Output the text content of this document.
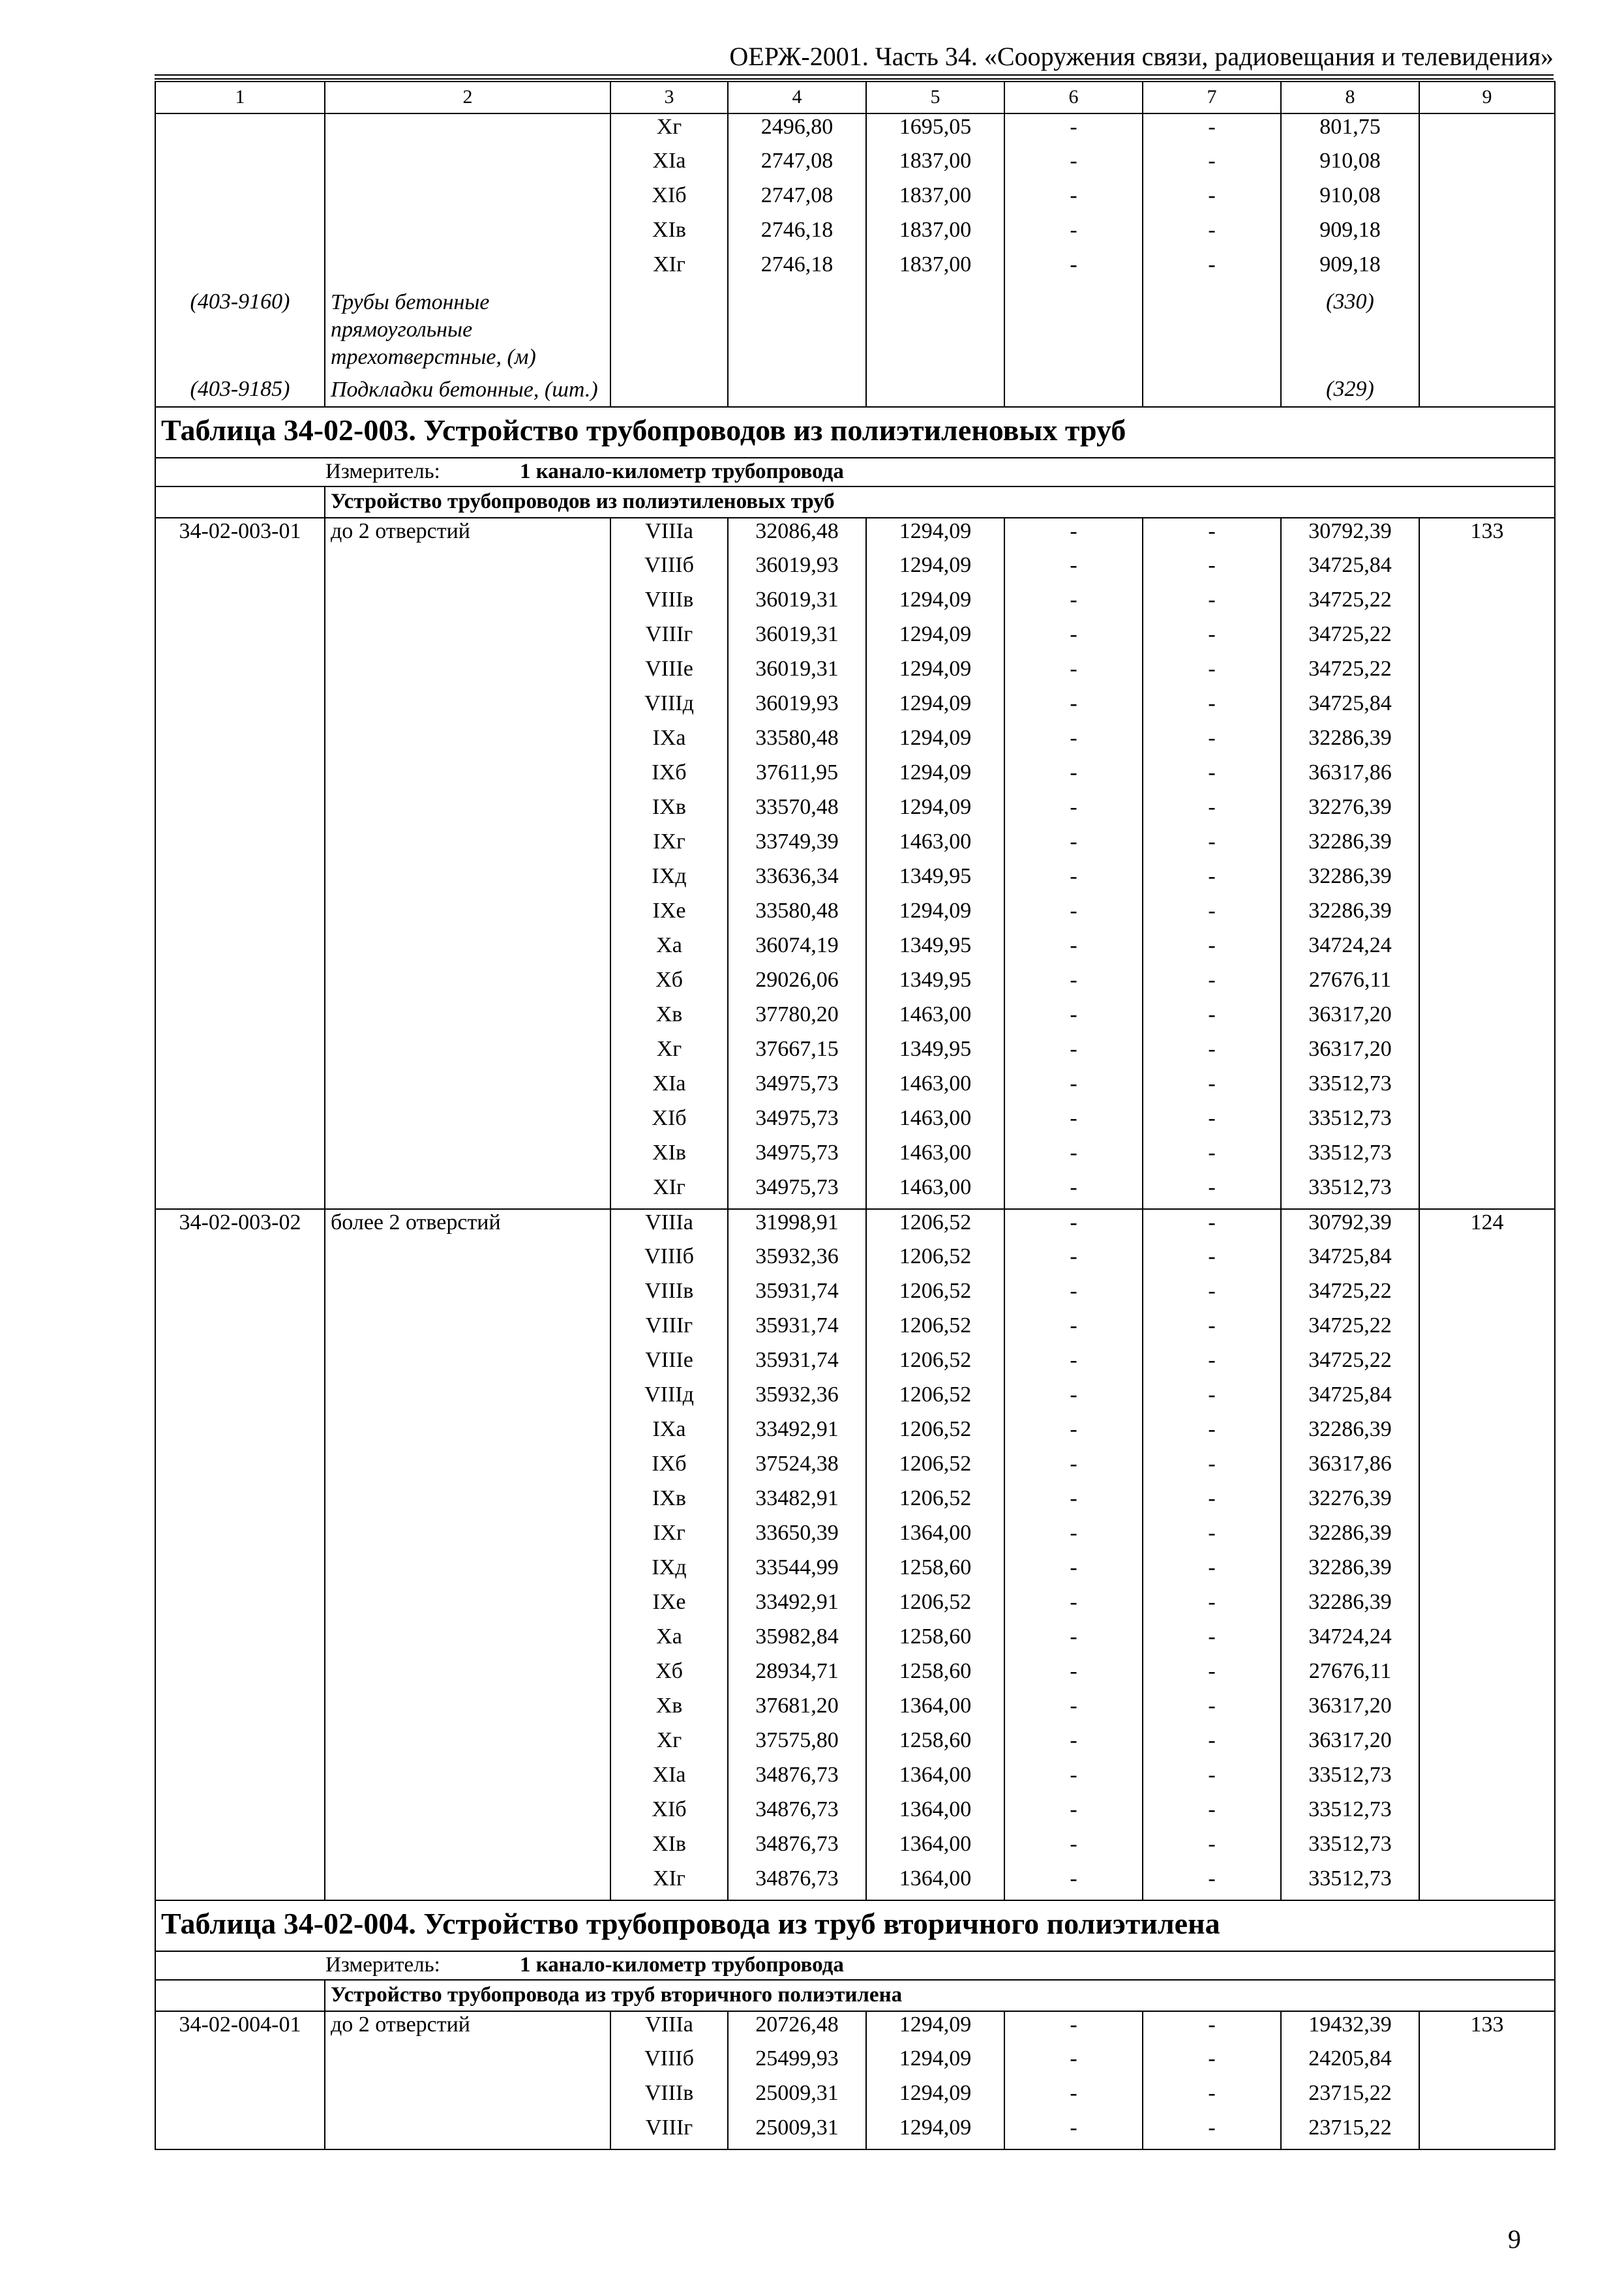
ОЕРЖ-2001. Часть 34. «Сооружения связи, радиовещания и телевидения»
1	2	3	4	5	6	7	8	9
		Xг	2496,80	1695,05	-	-	801,75	
		XIа	2747,08	1837,00	-	-	910,08	
		XIб	2747,08	1837,00	-	-	910,08	
		XIв	2746,18	1837,00	-	-	909,18	
		XIг	2746,18	1837,00	-	-	909,18	
(403-9160)	Трубы бетонные прямоугольные трехотверстные, (м)						(330)	
(403-9185)	Подкладки бетонные, (шт.)						(329)	
Таблица 34-02-003. Устройство трубопроводов из полиэтиленовых труб								
Измеритель: 1 канало-километр трубопровода								
	Устройство трубопроводов из полиэтиленовых труб							
34-02-003-01	до 2 отверстий	VIIIа	32086,48	1294,09	-	-	30792,39	133
		VIIIб	36019,93	1294,09	-	-	34725,84	
		VIIIв	36019,31	1294,09	-	-	34725,22	
		VIIIг	36019,31	1294,09	-	-	34725,22	
		VIIIе	36019,31	1294,09	-	-	34725,22	
		VIIIд	36019,93	1294,09	-	-	34725,84	
		IXа	33580,48	1294,09	-	-	32286,39	
		IXб	37611,95	1294,09	-	-	36317,86	
		IXв	33570,48	1294,09	-	-	32276,39	
		IXг	33749,39	1463,00	-	-	32286,39	
		IXд	33636,34	1349,95	-	-	32286,39	
		IXе	33580,48	1294,09	-	-	32286,39	
		Xа	36074,19	1349,95	-	-	34724,24	
		Xб	29026,06	1349,95	-	-	27676,11	
		Xв	37780,20	1463,00	-	-	36317,20	
		Xг	37667,15	1349,95	-	-	36317,20	
		XIа	34975,73	1463,00	-	-	33512,73	
		XIб	34975,73	1463,00	-	-	33512,73	
		XIв	34975,73	1463,00	-	-	33512,73	
		XIг	34975,73	1463,00	-	-	33512,73	
34-02-003-02	более 2 отверстий	VIIIа	31998,91	1206,52	-	-	30792,39	124
		VIIIб	35932,36	1206,52	-	-	34725,84	
		VIIIв	35931,74	1206,52	-	-	34725,22	
		VIIIг	35931,74	1206,52	-	-	34725,22	
		VIIIе	35931,74	1206,52	-	-	34725,22	
		VIIIд	35932,36	1206,52	-	-	34725,84	
		IXа	33492,91	1206,52	-	-	32286,39	
		IXб	37524,38	1206,52	-	-	36317,86	
		IXв	33482,91	1206,52	-	-	32276,39	
		IXг	33650,39	1364,00	-	-	32286,39	
		IXд	33544,99	1258,60	-	-	32286,39	
		IXе	33492,91	1206,52	-	-	32286,39	
		Xа	35982,84	1258,60	-	-	34724,24	
		Xб	28934,71	1258,60	-	-	27676,11	
		Xв	37681,20	1364,00	-	-	36317,20	
		Xг	37575,80	1258,60	-	-	36317,20	
		XIа	34876,73	1364,00	-	-	33512,73	
		XIб	34876,73	1364,00	-	-	33512,73	
		XIв	34876,73	1364,00	-	-	33512,73	
		XIг	34876,73	1364,00	-	-	33512,73	
Таблица 34-02-004. Устройство трубопровода из труб вторичного полиэтилена								
Измеритель: 1 канало-километр трубопровода								
	Устройство трубопровода из труб вторичного полиэтилена							
34-02-004-01	до 2 отверстий	VIIIа	20726,48	1294,09	-	-	19432,39	133
		VIIIб	25499,93	1294,09	-	-	24205,84	
		VIIIв	25009,31	1294,09	-	-	23715,22	
		VIIIг	25009,31	1294,09	-	-	23715,22	
9
